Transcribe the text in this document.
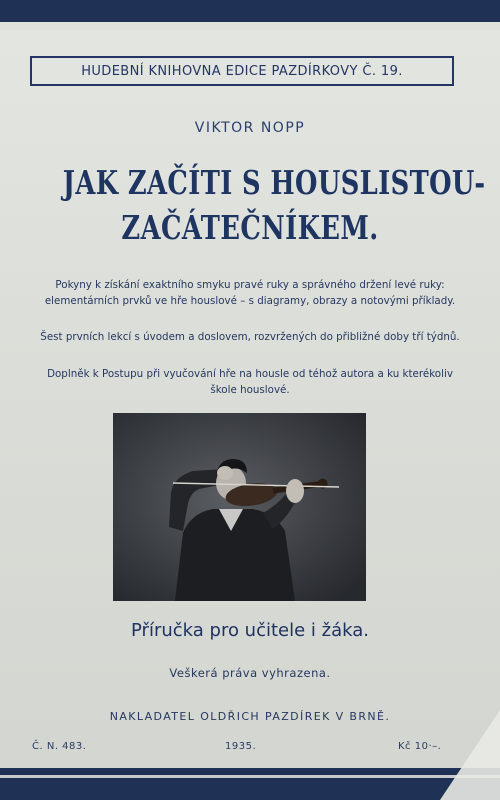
HUDEBNÍ KNIHOVNA EDICE PAZDÍRKOVY Č. 19.
VIKTOR NOPP
JAK ZAČÍTI S HOUSLISTOU-
ZAČÁTEČNÍKEM.

Pokyny k získání exaktního smyku pravé ruky a správného držení levé ruky: elementárních prvků ve hře houslové – s diagramy, obrazy a notovými příklady.

Šest prvních lekcí s úvodem a doslovem, rozvržených do přibližné doby tří týdnů.

Doplněk k Postupu při vyučování hře na housle od téhož autora a ku kterékoliv škole houslové.

Příručka pro učitele i žáka.
Veškerá práva vyhrazena.
NAKLADATEL OLDŘICH PAZDÍREK V BRNĚ.
Č. N. 483.	1935.	Kč 10·–.
